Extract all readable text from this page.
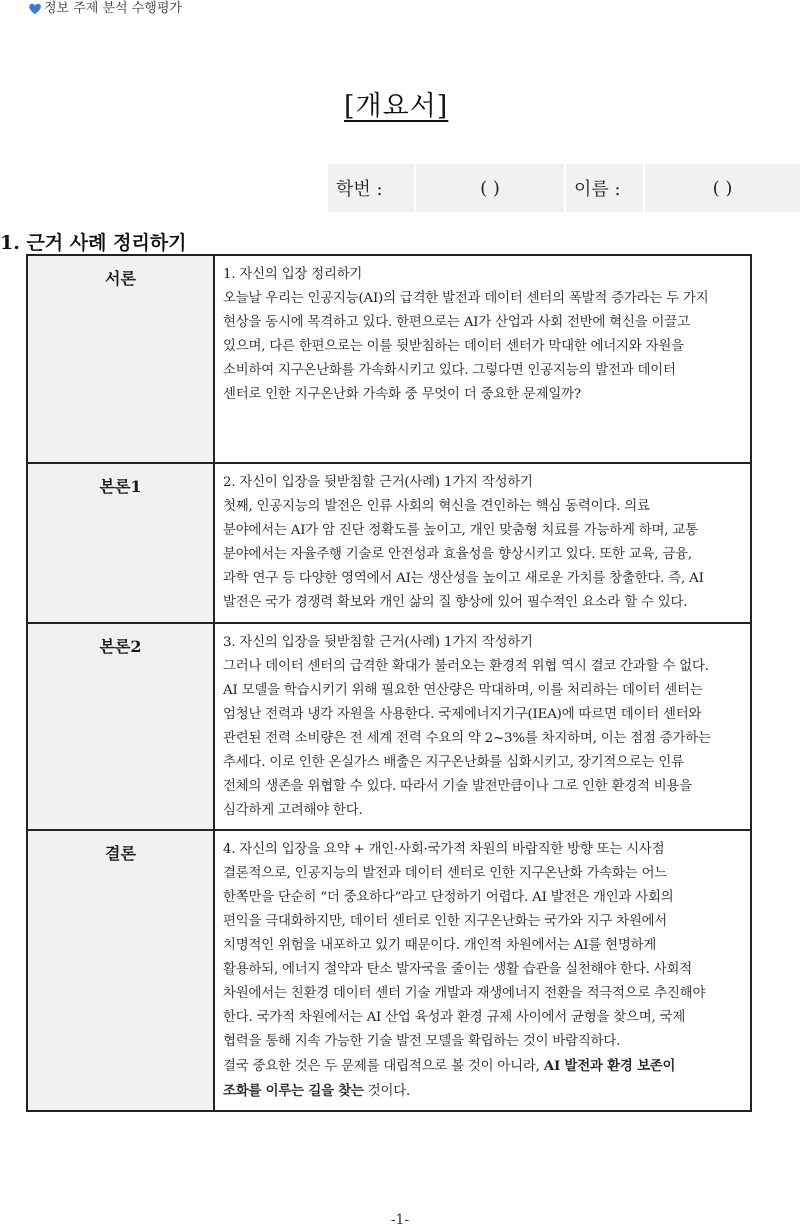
정보 주제 분석 수행평가
[개요서]
학번 :	( )	이름 :	( )
1. 근거 사례 정리하기
서론	1. 자신의 입장 정리하기
오늘날 우리는 인공지능(AI)의 급격한 발전과 데이터 센터의 폭발적 증가라는 두 가지
현상을 동시에 목격하고 있다. 한편으로는 AI가 산업과 사회 전반에 혁신을 이끌고
있으며, 다른 한편으로는 이를 뒷받침하는 데이터 센터가 막대한 에너지와 자원을
소비하여 지구온난화를 가속화시키고 있다. 그렇다면 인공지능의 발전과 데이터
센터로 인한 지구온난화 가속화 중 무엇이 더 중요한 문제일까?

본론1	2. 자신이 입장을 뒷받침할 근거(사례) 1가지 작성하기
첫째, 인공지능의 발전은 인류 사회의 혁신을 견인하는 핵심 동력이다. 의료
분야에서는 AI가 암 진단 정확도를 높이고, 개인 맞춤형 치료를 가능하게 하며, 교통
분야에서는 자율주행 기술로 안전성과 효율성을 향상시키고 있다. 또한 교육, 금융,
과학 연구 등 다양한 영역에서 AI는 생산성을 높이고 새로운 가치를 창출한다. 즉, AI
발전은 국가 경쟁력 확보와 개인 삶의 질 향상에 있어 필수적인 요소라 할 수 있다.

본론2	3. 자신의 입장을 뒷받침할 근거(사례) 1가지 작성하기
그러나 데이터 센터의 급격한 확대가 불러오는 환경적 위협 역시 결코 간과할 수 없다.
AI 모델을 학습시키기 위해 필요한 연산량은 막대하며, 이를 처리하는 데이터 센터는
엄청난 전력과 냉각 자원을 사용한다. 국제에너지기구(IEA)에 따르면 데이터 센터와
관련된 전력 소비량은 전 세계 전력 수요의 약 2~3%를 차지하며, 이는 점점 증가하는
추세다. 이로 인한 온실가스 배출은 지구온난화를 심화시키고, 장기적으로는 인류
전체의 생존을 위협할 수 있다. 따라서 기술 발전만큼이나 그로 인한 환경적 비용을
심각하게 고려해야 한다.

결론	4. 자신의 입장을 요약 + 개인·사회·국가적 차원의 바람직한 방향 또는 시사점
결론적으로, 인공지능의 발전과 데이터 센터로 인한 지구온난화 가속화는 어느
한쪽만을 단순히 “더 중요하다”라고 단정하기 어렵다. AI 발전은 개인과 사회의
편익을 극대화하지만, 데이터 센터로 인한 지구온난화는 국가와 지구 차원에서
치명적인 위험을 내포하고 있기 때문이다. 개인적 차원에서는 AI를 현명하게
활용하되, 에너지 절약과 탄소 발자국을 줄이는 생활 습관을 실천해야 한다. 사회적
차원에서는 친환경 데이터 센터 기술 개발과 재생에너지 전환을 적극적으로 추진해야
한다. 국가적 차원에서는 AI 산업 육성과 환경 규제 사이에서 균형을 찾으며, 국제
협력을 통해 지속 가능한 기술 발전 모델을 확립하는 것이 바람직하다.
결국 중요한 것은 두 문제를 대립적으로 볼 것이 아니라, AI 발전과 환경 보존이
조화를 이루는 길을 찾는 것이다.
-1-
